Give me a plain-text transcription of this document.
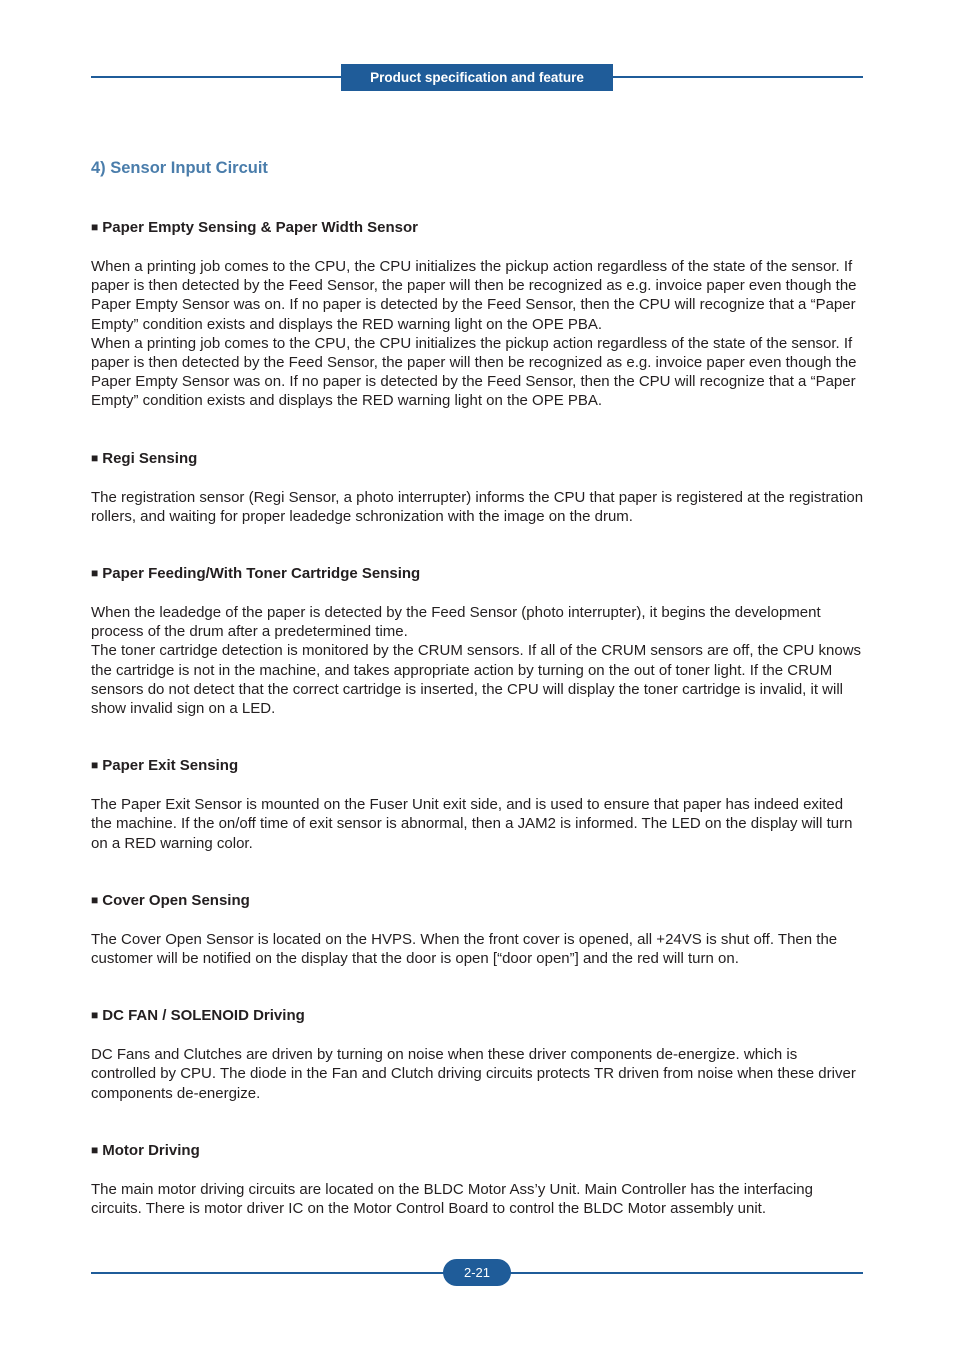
Product specification and feature
4) Sensor Input Circuit

■ Paper Empty Sensing & Paper Width Sensor

When a printing job comes to the CPU, the CPU initializes the pickup action regardless of the state of the sensor. If paper is then detected by the Feed Sensor, the paper will then be recognized as e.g. invoice paper even though the Paper Empty Sensor was on. If no paper is detected by the Feed Sensor, then the CPU will recognize that a “Paper Empty” condition exists and displays the RED warning light on the OPE PBA.

When a printing job comes to the CPU, the CPU initializes the pickup action regardless of the state of the sensor. If paper is then detected by the Feed Sensor, the paper will then be recognized as e.g. invoice paper even though the Paper Empty Sensor was on. If no paper is detected by the Feed Sensor, then the CPU will recognize that a “Paper Empty” condition exists and displays the RED warning light on the OPE PBA.

■ Regi Sensing

The registration sensor (Regi Sensor, a photo interrupter) informs the CPU that paper is registered at the registration rollers, and waiting for proper leadedge schronization with the image on the drum.

■ Paper Feeding/With Toner Cartridge Sensing

When the leadedge of the paper is detected by the Feed Sensor (photo interrupter), it begins the development process of the drum after a predetermined time.

The toner cartridge detection is monitored by the CRUM sensors. If all of the CRUM sensors are off, the CPU knows the cartridge is not in the machine, and takes appropriate action by turning on the out of toner light. If the CRUM sensors do not detect that the correct cartridge is inserted, the CPU will display the toner cartridge is invalid, it will show invalid sign on a LED.

■ Paper Exit Sensing

The Paper Exit Sensor is mounted on the Fuser Unit exit side, and is used to ensure that paper has indeed exited the machine. If the on/off time of exit sensor is abnormal, then a JAM2 is informed. The LED on the display will turn on a RED warning color.

■ Cover Open Sensing

The Cover Open Sensor is located on the HVPS. When the front cover is opened, all +24VS is shut off. Then the customer will be notified on the display that the door is open [“door open”] and the red will turn on.

■ DC FAN / SOLENOID Driving

DC Fans and Clutches are driven by turning on noise when these driver components de-energize. which is controlled by CPU. The diode in the Fan and Clutch driving circuits protects TR driven from noise when these driver components de-energize.

■ Motor Driving

The main motor driving circuits are located on the BLDC Motor Ass’y Unit. Main Controller has the interfacing circuits. There is motor driver IC on the Motor Control Board to control the BLDC Motor assembly unit.

2-21
